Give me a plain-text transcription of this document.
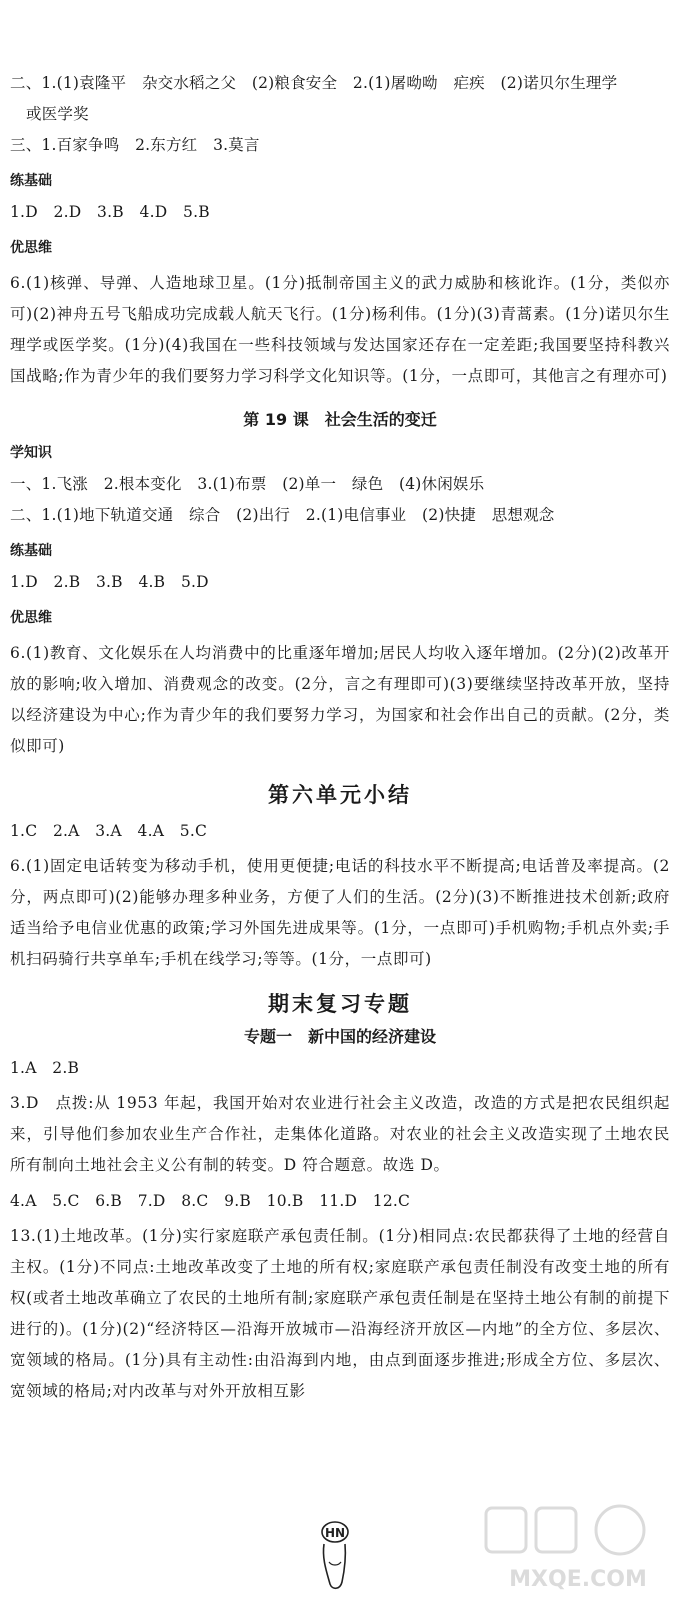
二、1.(1)袁隆平　杂交水稻之父　(2)粮食安全　2.(1)屠呦呦　疟疾　(2)诺贝尔生理学

或医学奖

三、1.百家争鸣　2.东方红　3.莫言

练基础

1.D　2.D　3.B　4.D　5.B

优思维

6.(1)核弹、导弹、人造地球卫星。(1分)抵制帝国主义的武力威胁和核讹诈。(1分，类似亦可)(2)神舟五号飞船成功完成载人航天飞行。(1分)杨利伟。(1分)(3)青蒿素。(1分)诺贝尔生理学或医学奖。(1分)(4)我国在一些科技领域与发达国家还存在一定差距;我国要坚持科教兴国战略;作为青少年的我们要努力学习科学文化知识等。(1分，一点即可，其他言之有理亦可)

第 19 课　社会生活的变迁

学知识

一、1.飞涨　2.根本变化　3.(1)布票　(2)单一　绿色　(4)休闲娱乐

二、1.(1)地下轨道交通　综合　(2)出行　2.(1)电信事业　(2)快捷　思想观念

练基础

1.D　2.B　3.B　4.B　5.D

优思维

6.(1)教育、文化娱乐在人均消费中的比重逐年增加;居民人均收入逐年增加。(2分)(2)改革开放的影响;收入增加、消费观念的改变。(2分，言之有理即可)(3)要继续坚持改革开放，坚持以经济建设为中心;作为青少年的我们要努力学习，为国家和社会作出自己的贡献。(2分，类似即可)

第六单元小结

1.C　2.A　3.A　4.A　5.C

6.(1)固定电话转变为移动手机，使用更便捷;电话的科技水平不断提高;电话普及率提高。(2分，两点即可)(2)能够办理多种业务，方便了人们的生活。(2分)(3)不断推进技术创新;政府适当给予电信业优惠的政策;学习外国先进成果等。(1分，一点即可)手机购物;手机点外卖;手机扫码骑行共享单车;手机在线学习;等等。(1分，一点即可)

期末复习专题
专题一　新中国的经济建设

1.A　2.B

3.D　点拨:从 1953 年起，我国开始对农业进行社会主义改造，改造的方式是把农民组织起来，引导他们参加农业生产合作社，走集体化道路。对农业的社会主义改造实现了土地农民所有制向土地社会主义公有制的转变。D 符合题意。故选 D。

4.A　5.C　6.B　7.D　8.C　9.B　10.B　11.D　12.C

13.(1)土地改革。(1分)实行家庭联产承包责任制。(1分)相同点:农民都获得了土地的经营自主权。(1分)不同点:土地改革改变了土地的所有权;家庭联产承包责任制没有改变土地的所有权(或者土地改革确立了农民的土地所有制;家庭联产承包责任制是在坚持土地公有制的前提下进行的)。(1分)(2)“经济特区—沿海开放城市—沿海经济开放区—内地”的全方位、多层次、宽领域的格局。(1分)具有主动性:由沿海到内地，由点到面逐步推进;形成全方位、多层次、宽领域的格局;对内改革与对外开放相互影

HN
MXQE.COM
